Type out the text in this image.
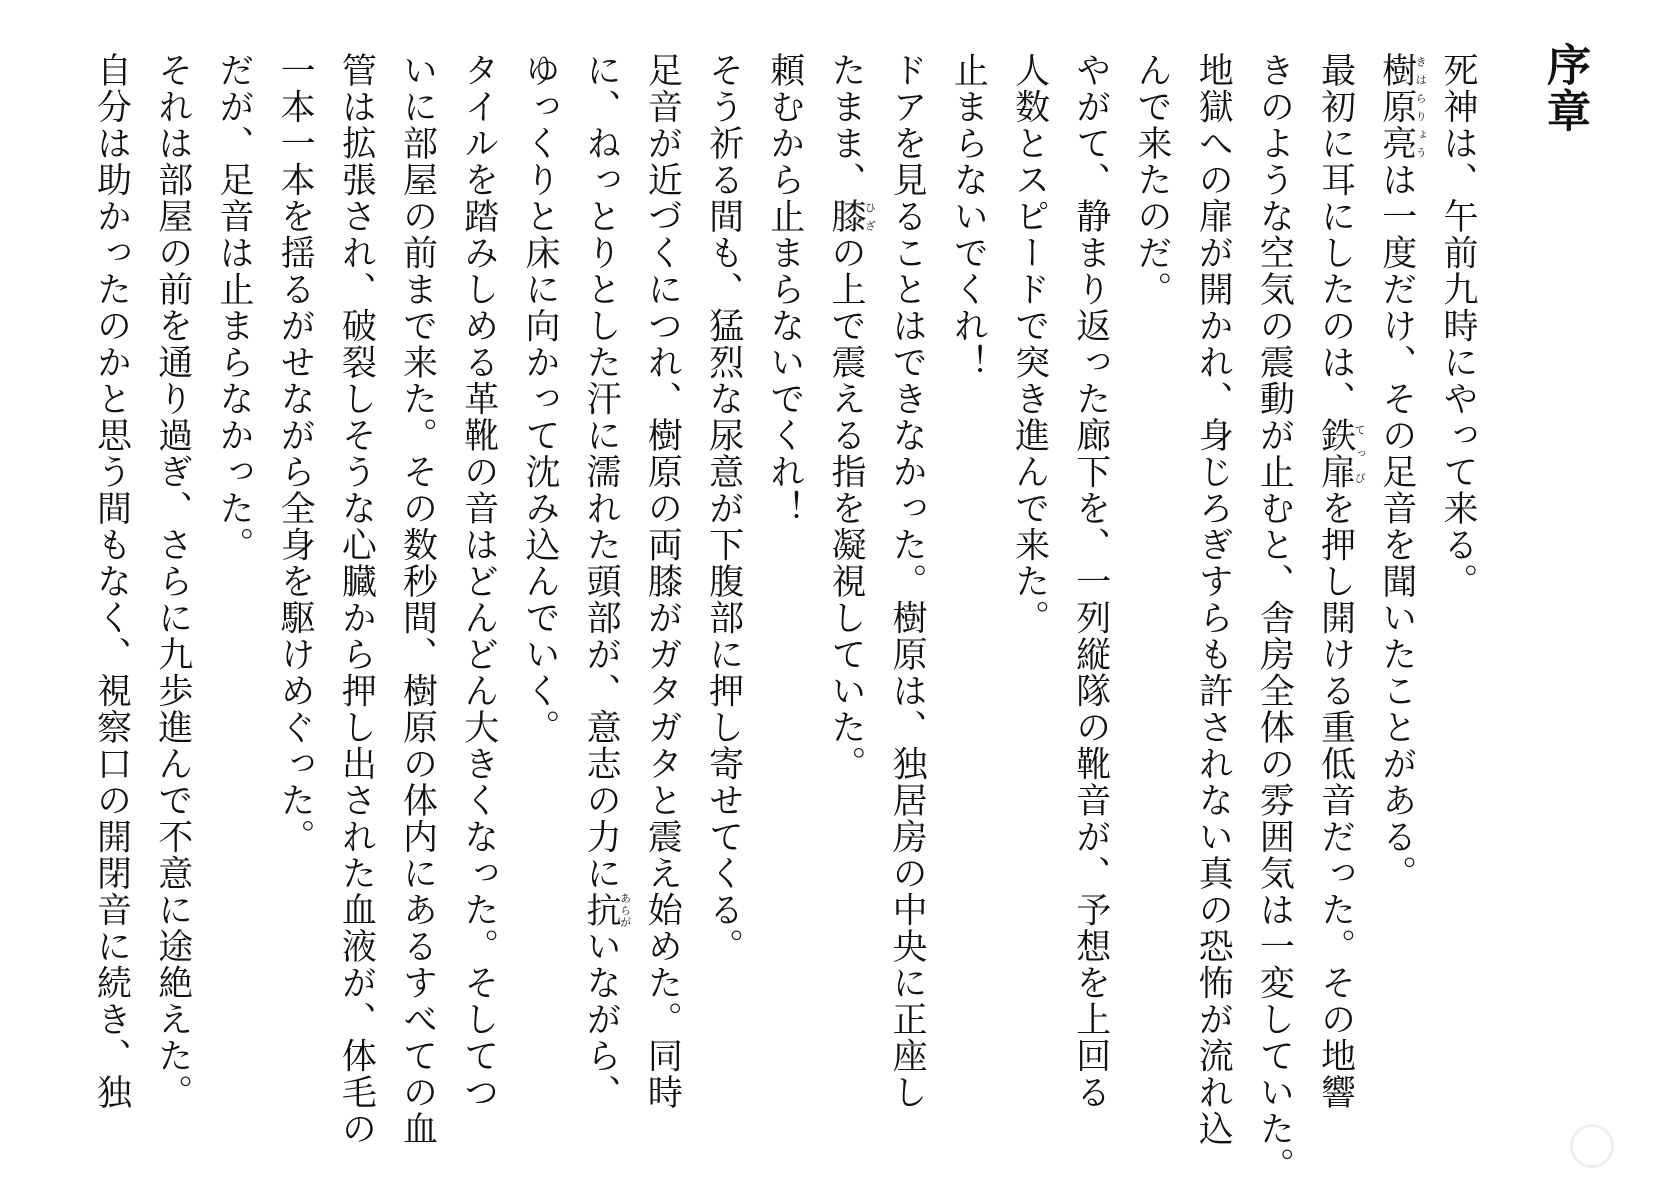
序章
死神は、午前九時にやって来る。
樹原亮きはらりょうは一度だけ、その足音を聞いたことがある。
最初に耳にしたのは、鉄扉てっぴを押し開ける重低音だった。その地響
きのような空気の震動が止むと、舎房全体の雰囲気は一変していた。
地獄への扉が開かれ、身じろぎすらも許されない真の恐怖が流れ込
んで来たのだ。
やがて、静まり返った廊下を、一列縦隊の靴音が、予想を上回る
人数とスピードで突き進んで来た。
止まらないでくれ！
ドアを見ることはできなかった。樹原は、独居房の中央に正座し
たまま、膝ひざの上で震える指を凝視していた。
頼むから止まらないでくれ！
そう祈る間も、猛烈な尿意が下腹部に押し寄せてくる。
足音が近づくにつれ、樹原の両膝がガタガタと震え始めた。同時
に、ねっとりとした汗に濡れた頭部が、意志の力に抗あらがいながら、
ゆっくりと床に向かって沈み込んでいく。
タイルを踏みしめる革靴の音はどんどん大きくなった。そしてつ
いに部屋の前まで来た。その数秒間、樹原の体内にあるすべての血
管は拡張され、破裂しそうな心臓から押し出された血液が、体毛の
一本一本を揺るがせながら全身を駆けめぐった。
だが、足音は止まらなかった。
それは部屋の前を通り過ぎ、さらに九歩進んで不意に途絶えた。
自分は助かったのかと思う間もなく、視察口の開閉音に続き、独
